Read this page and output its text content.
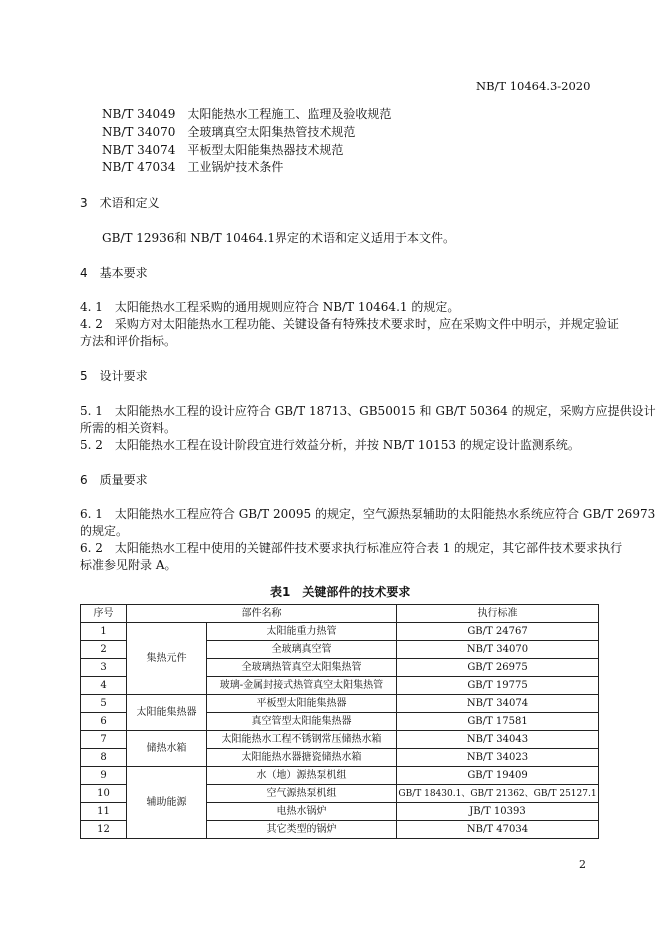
NB/T 10464.3-2020
NB/T 34049　 太阳能热水工程施工、监理及验收规范
NB/T 34070　 全玻璃真空太阳集热管技术规范
NB/T 34074　 平板型太阳能集热器技术规范
NB/T 47034　 工业锅炉技术条件
3　术语和定义
GB/T 12936和 NB/T 10464.1界定的术语和定义适用于本文件。
4　基本要求
4. 1　太阳能热水工程采购的通用规则应符合 NB/T 10464.1 的规定。
4. 2　采购方对太阳能热水工程功能、关键设备有特殊技术要求时，应在采购文件中明示，并规定验证
方法和评价指标。
5　设计要求
5. 1　太阳能热水工程的设计应符合 GB/T 18713、GB50015 和 GB/T 50364 的规定，采购方应提供设计
所需的相关资料。
5. 2　太阳能热水工程在设计阶段宜进行效益分析，并按 NB/T 10153 的规定设计监测系统。
6　质量要求
6. 1　太阳能热水工程应符合 GB/T 20095 的规定，空气源热泵辅助的太阳能热水系统应符合 GB/T 26973
的规定。
6. 2　太阳能热水工程中使用的关键部件技术要求执行标准应符合表 1 的规定，其它部件技术要求执行
标准参见附录 A。
表1　关键部件的技术要求
序号	部件名称		执行标准
1	集热元件	太阳能重力热管	GB/T 24767
2		全玻璃真空管	NB/T 34070
3		全玻璃热管真空太阳集热管	GB/T 26975
4		玻璃-金属封接式热管真空太阳集热管	GB/T 19775
5	太阳能集热器	平板型太阳能集热器	NB/T 34074
6		真空管型太阳能集热器	GB/T 17581
7	储热水箱	太阳能热水工程不锈钢常压储热水箱	NB/T 34043
8		太阳能热水器搪瓷储热水箱	NB/T 34023
9	辅助能源	水（地）源热泵机组	GB/T 19409
10		空气源热泵机组	GB/T 18430.1、GB/T 21362、GB/T 25127.1
11		电热水锅炉	JB/T 10393
12		其它类型的锅炉	NB/T 47034
2
